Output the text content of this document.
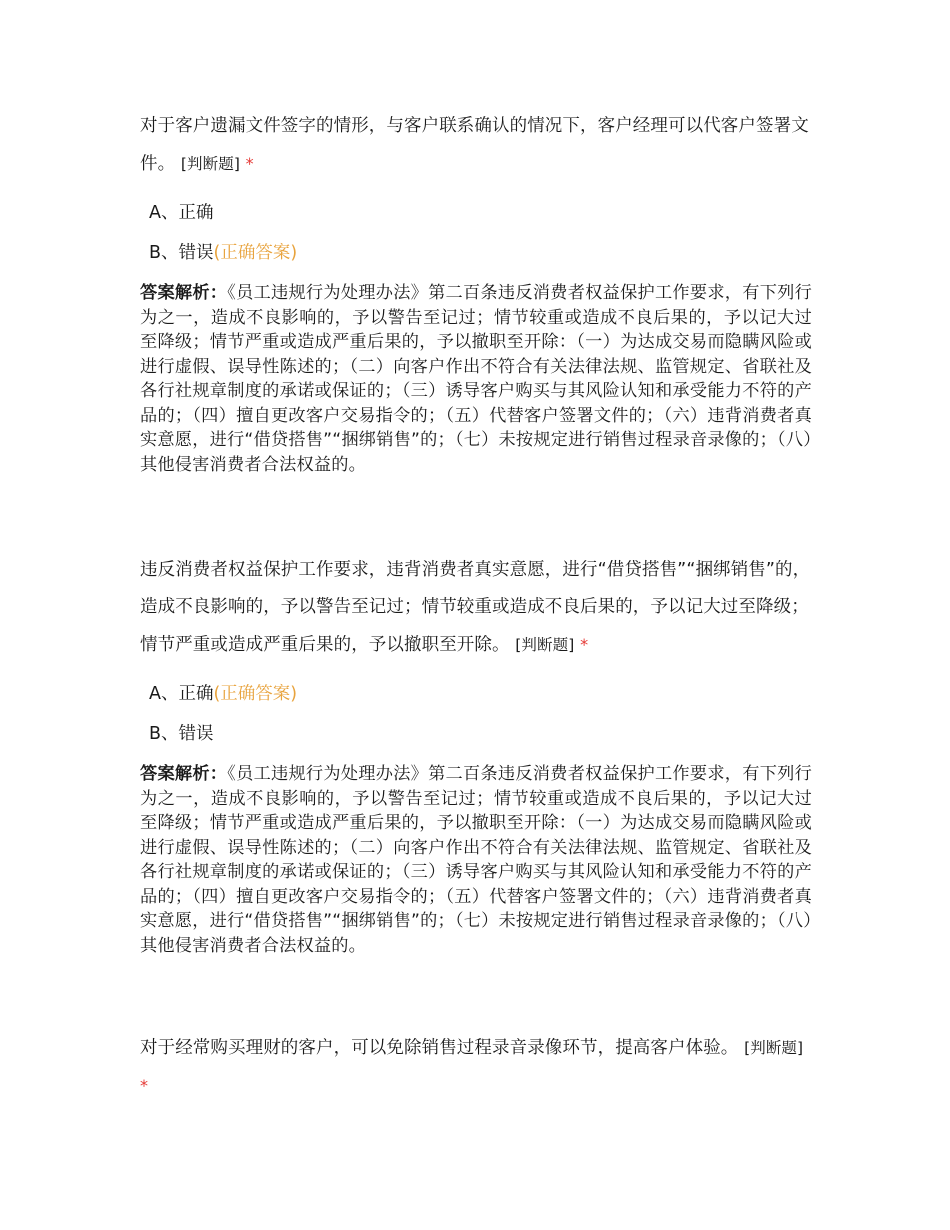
对于客户遗漏文件签字的情形，与客户联系确认的情况下，客户经理可以代客户签署文件。 [判断题] *

A、正确
B、错误(正确答案)
答案解析：《员工违规行为处理办法》第二百条违反消费者权益保护工作要求，有下列行为之一，造成不良影响的，予以警告至记过；情节较重或造成不良后果的，予以记大过至降级；情节严重或造成严重后果的，予以撤职至开除：（一）为达成交易而隐瞒风险或进行虚假、误导性陈述的；（二）向客户作出不符合有关法律法规、监管规定、省联社及各行社规章制度的承诺或保证的；（三）诱导客户购买与其风险认知和承受能力不符的产品的；（四）擅自更改客户交易指令的；（五）代替客户签署文件的；（六）违背消费者真实意愿，进行“借贷搭售”“捆绑销售”的；（七）未按规定进行销售过程录音录像的；（八）其他侵害消费者合法权益的。

违反消费者权益保护工作要求，违背消费者真实意愿，进行“借贷搭售”“捆绑销售”的，造成不良影响的，予以警告至记过；情节较重或造成不良后果的，予以记大过至降级；情节严重或造成严重后果的，予以撤职至开除。 [判断题] *

A、正确(正确答案)
B、错误
答案解析：《员工违规行为处理办法》第二百条违反消费者权益保护工作要求，有下列行为之一，造成不良影响的，予以警告至记过；情节较重或造成不良后果的，予以记大过至降级；情节严重或造成严重后果的，予以撤职至开除：（一）为达成交易而隐瞒风险或进行虚假、误导性陈述的；（二）向客户作出不符合有关法律法规、监管规定、省联社及各行社规章制度的承诺或保证的；（三）诱导客户购买与其风险认知和承受能力不符的产品的；（四）擅自更改客户交易指令的；（五）代替客户签署文件的；（六）违背消费者真实意愿，进行“借贷搭售”“捆绑销售”的；（七）未按规定进行销售过程录音录像的；（八）其他侵害消费者合法权益的。

对于经常购买理财的客户，可以免除销售过程录音录像环节，提高客户体验。 [判断题] *
